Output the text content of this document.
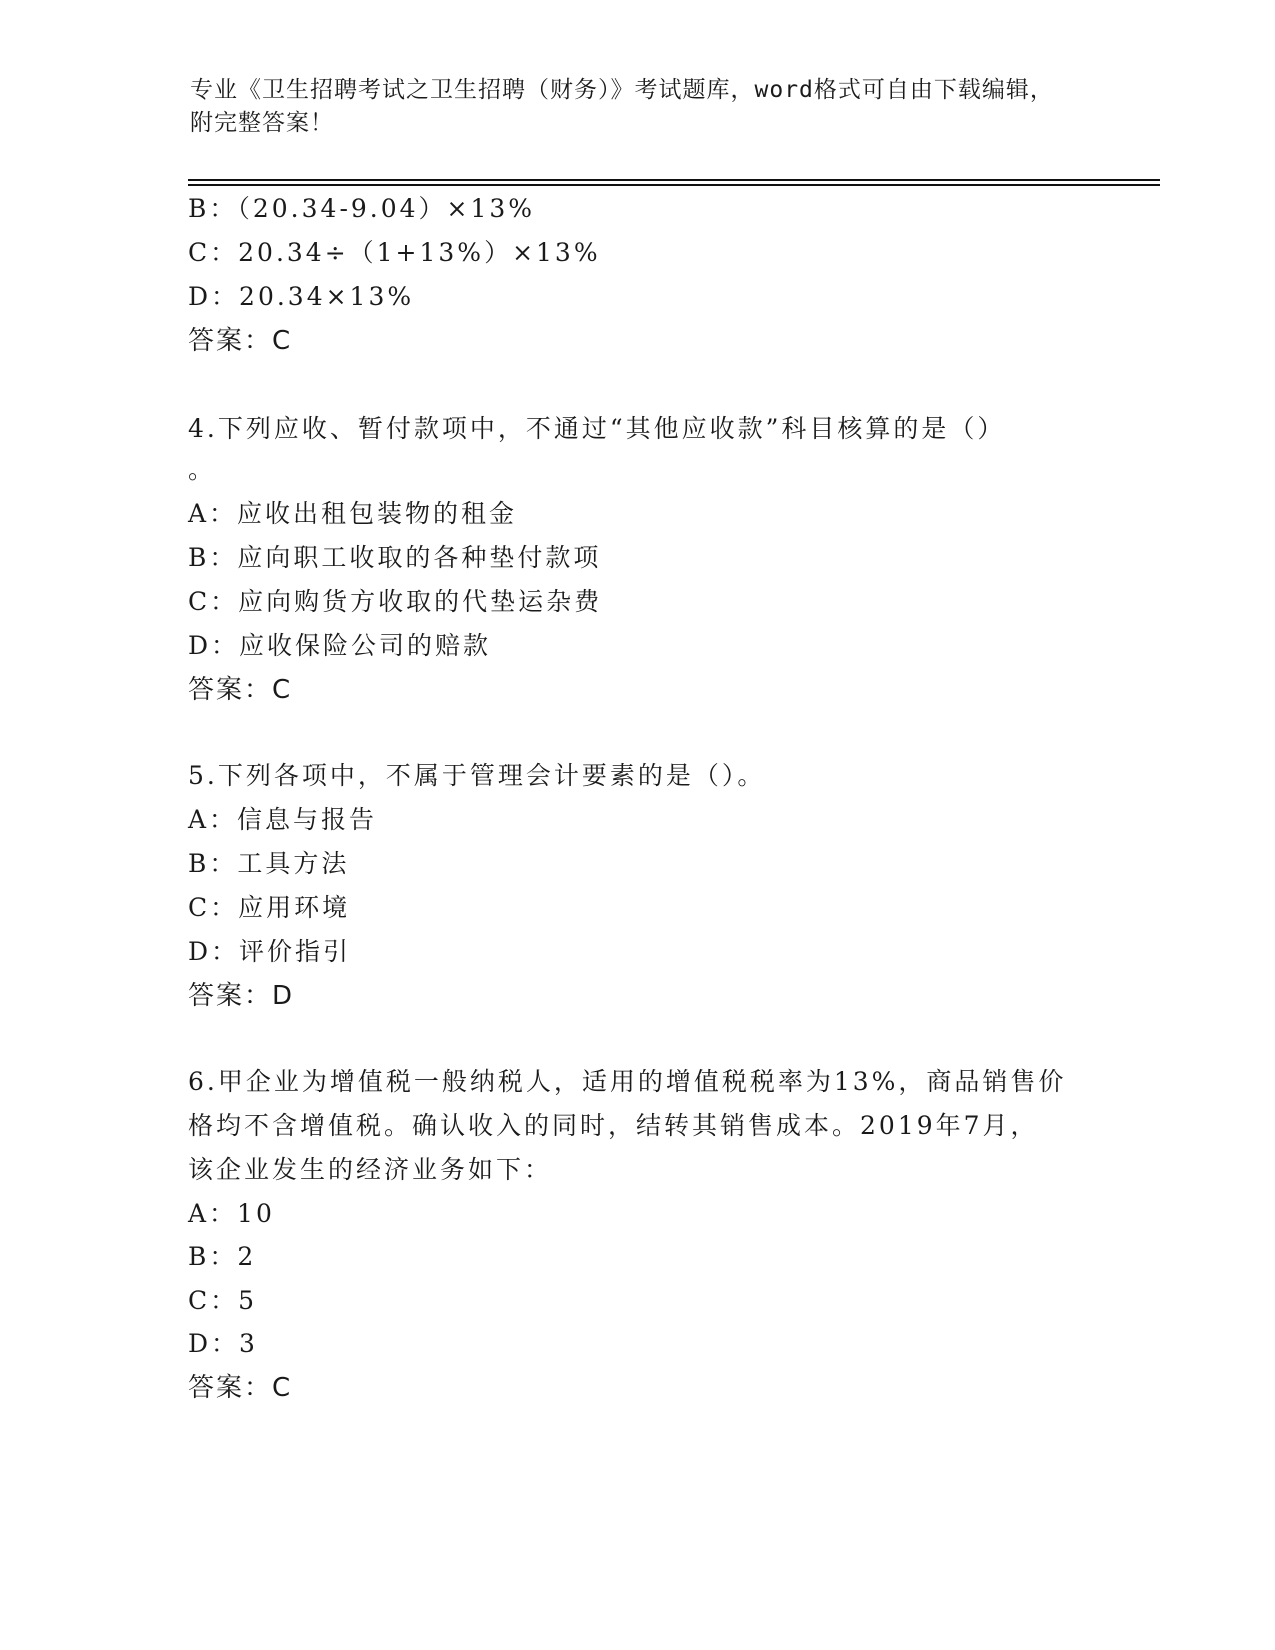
专业《卫生招聘考试之卫生招聘（财务）》考试题库，word格式可自由下载编辑，附完整答案！
B：（20.34-9.04）×13%
C：20.34÷（1+13%）×13%
D：20.34×13%
答案：C
4.下列应收、暂付款项中，不通过“其他应收款”科目核算的是（）
。
A：应收出租包装物的租金
B：应向职工收取的各种垫付款项
C：应向购货方收取的代垫运杂费
D：应收保险公司的赔款
答案：C
5.下列各项中，不属于管理会计要素的是（）。
A：信息与报告
B：工具方法
C：应用环境
D：评价指引
答案：D
6.甲企业为增值税一般纳税人，适用的增值税税率为13%，商品销售价
格均不含增值税。确认收入的同时，结转其销售成本。2019年7月，
该企业发生的经济业务如下：
A：10
B：2
C：5
D：3
答案：C
